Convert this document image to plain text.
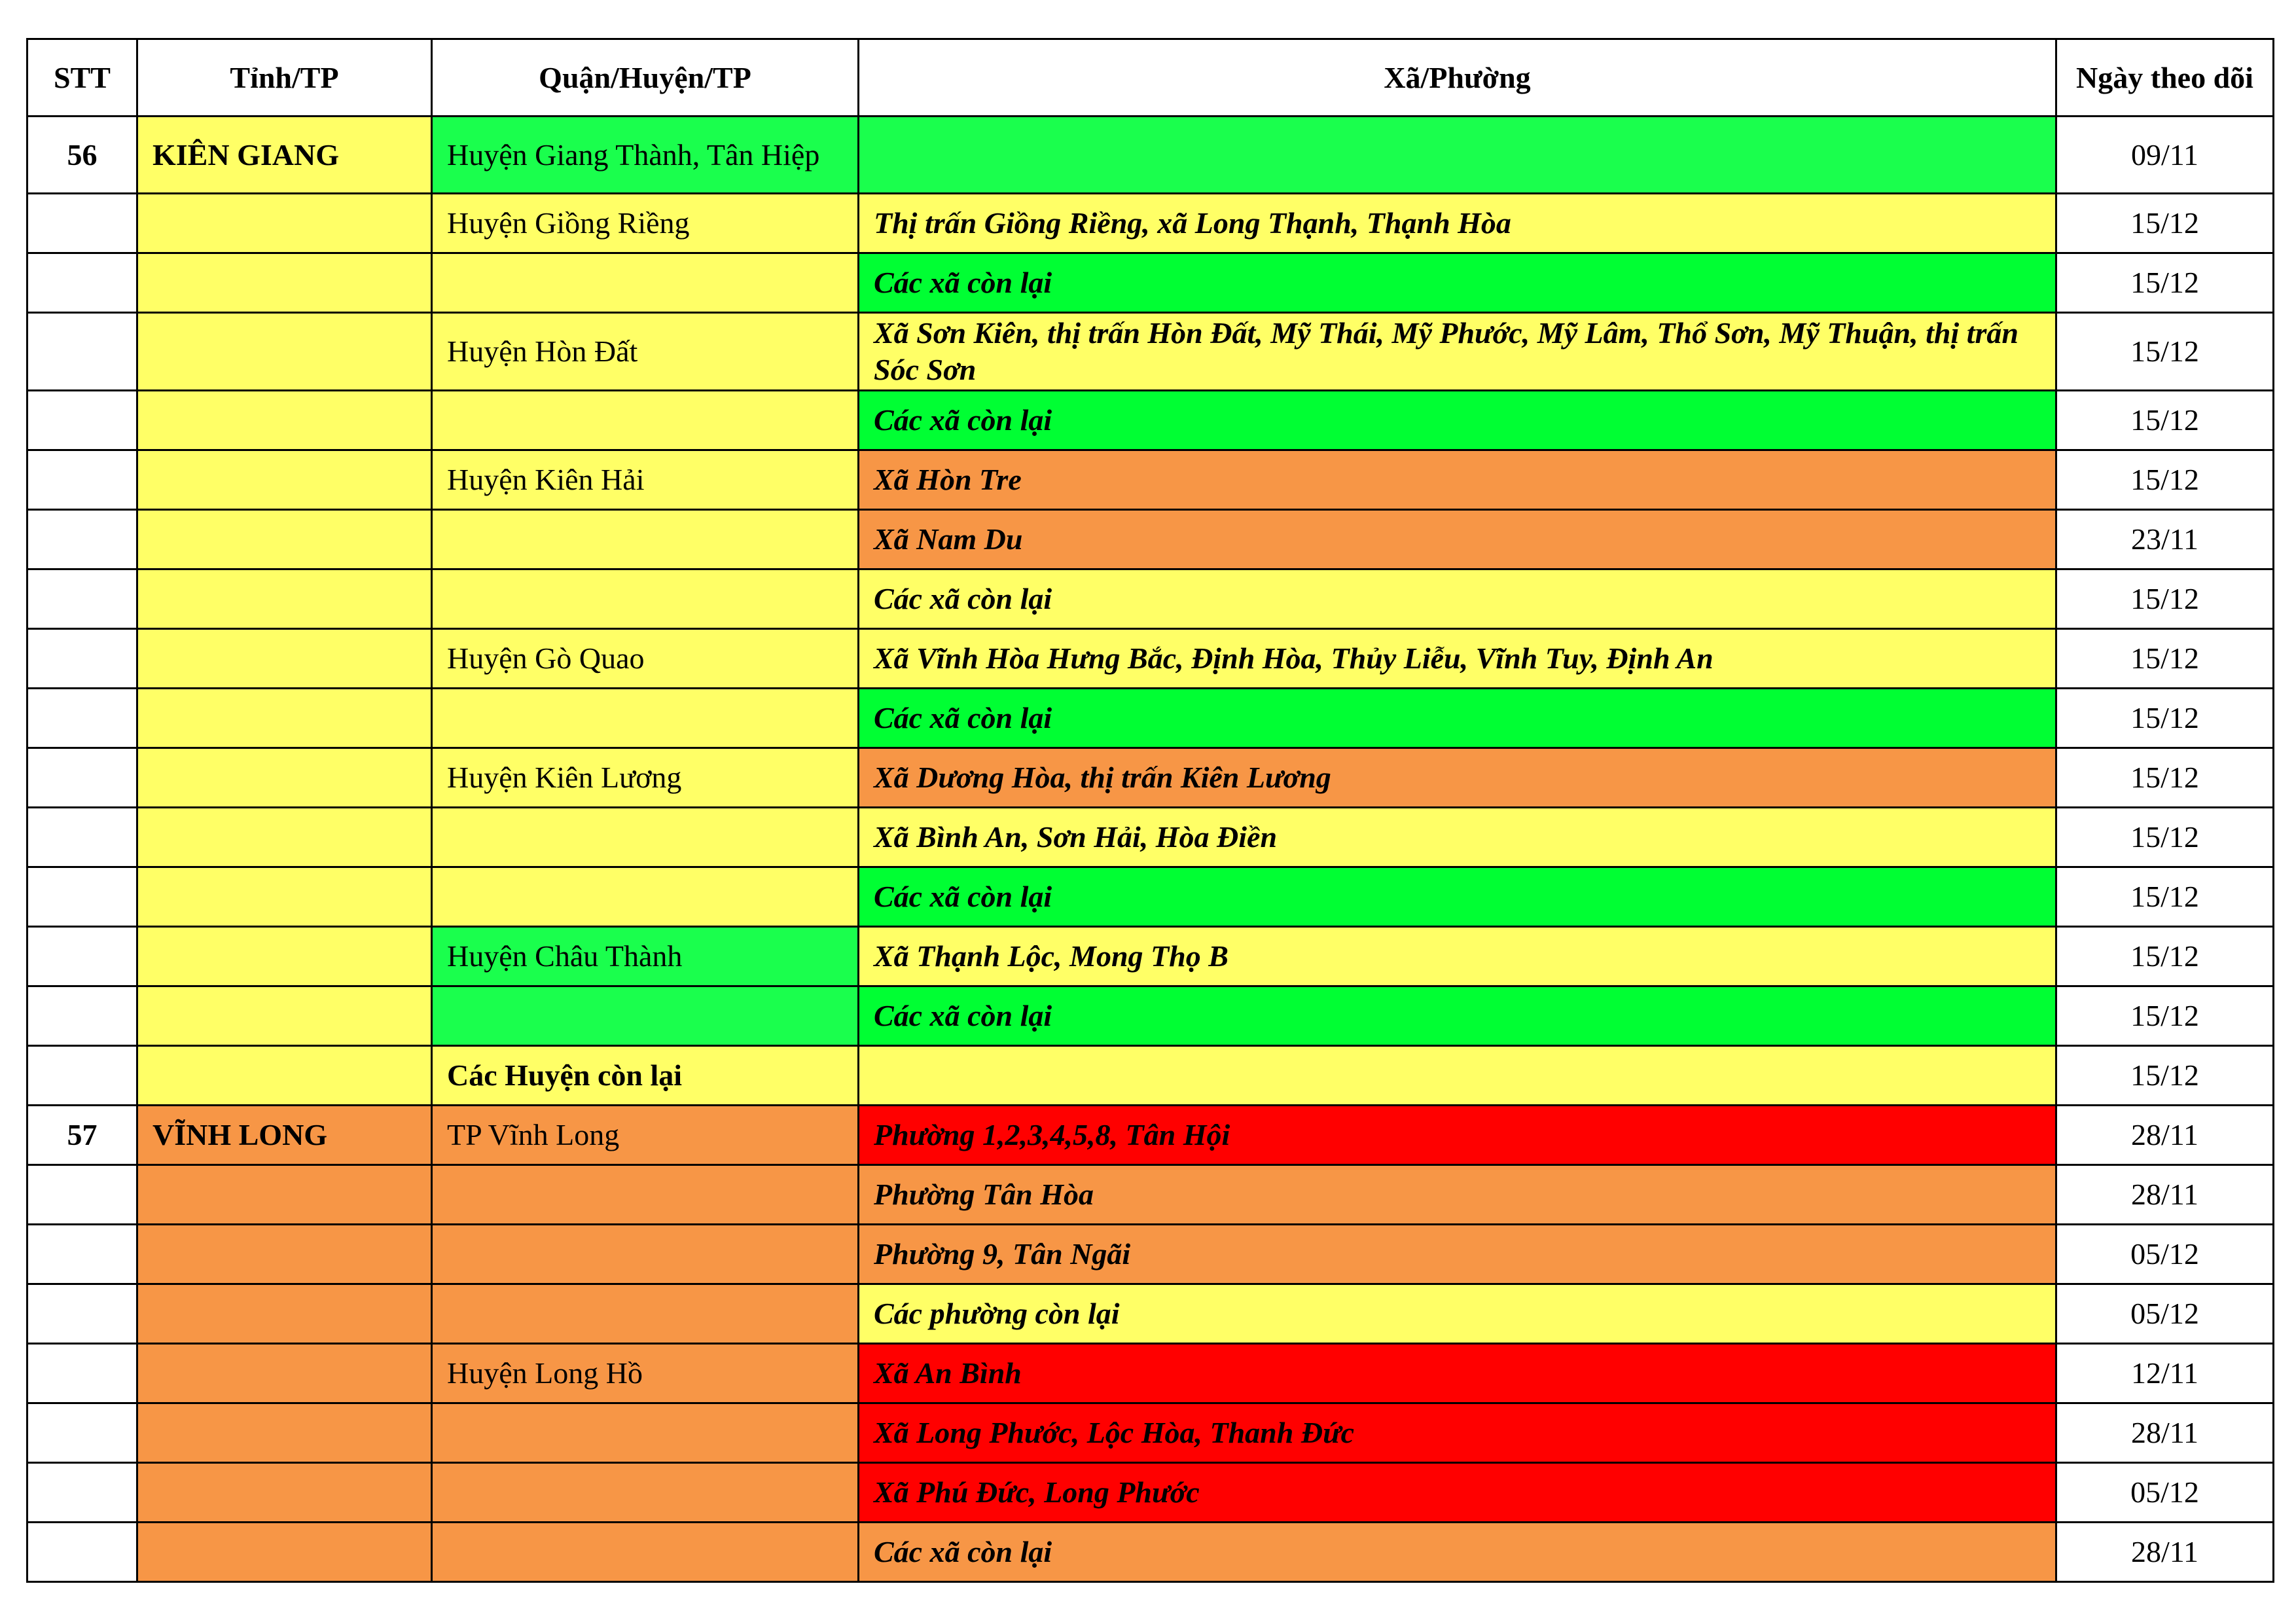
STT	Tỉnh/TP	Quận/Huyện/TP	Xã/Phường	Ngày theo dõi
56	KIÊN GIANG	Huyện Giang Thành, Tân Hiệp		09/11
		Huyện Giồng Riềng	Thị trấn Giồng Riềng, xã Long Thạnh, Thạnh Hòa	15/12
			Các xã còn lại	15/12
		Huyện Hòn Đất	Xã Sơn Kiên, thị trấn Hòn Đất, Mỹ Thái, Mỹ Phước, Mỹ Lâm, Thổ Sơn, Mỹ Thuận, thị trấn Sóc Sơn	15/12
			Các xã còn lại	15/12
		Huyện Kiên Hải	Xã Hòn Tre	15/12
			Xã Nam Du	23/11
			Các xã còn lại	15/12
		Huyện Gò Quao	Xã Vĩnh Hòa Hưng Bắc, Định Hòa, Thủy Liễu, Vĩnh Tuy, Định An	15/12
			Các xã còn lại	15/12
		Huyện Kiên Lương	Xã Dương Hòa, thị trấn Kiên Lương	15/12
			Xã Bình An, Sơn Hải, Hòa Điền	15/12
			Các xã còn lại	15/12
		Huyện Châu Thành	Xã Thạnh Lộc, Mong Thọ B	15/12
			Các xã còn lại	15/12
		Các Huyện còn lại		15/12
57	VĨNH LONG	TP Vĩnh Long	Phường 1,2,3,4,5,8, Tân Hội	28/11
			Phường Tân Hòa	28/11
			Phường 9, Tân Ngãi	05/12
			Các phường còn lại	05/12
		Huyện Long Hồ	Xã An Bình	12/11
			Xã Long Phước, Lộc Hòa, Thanh Đức	28/11
			Xã Phú Đức, Long Phước	05/12
			Các xã còn lại	28/11
